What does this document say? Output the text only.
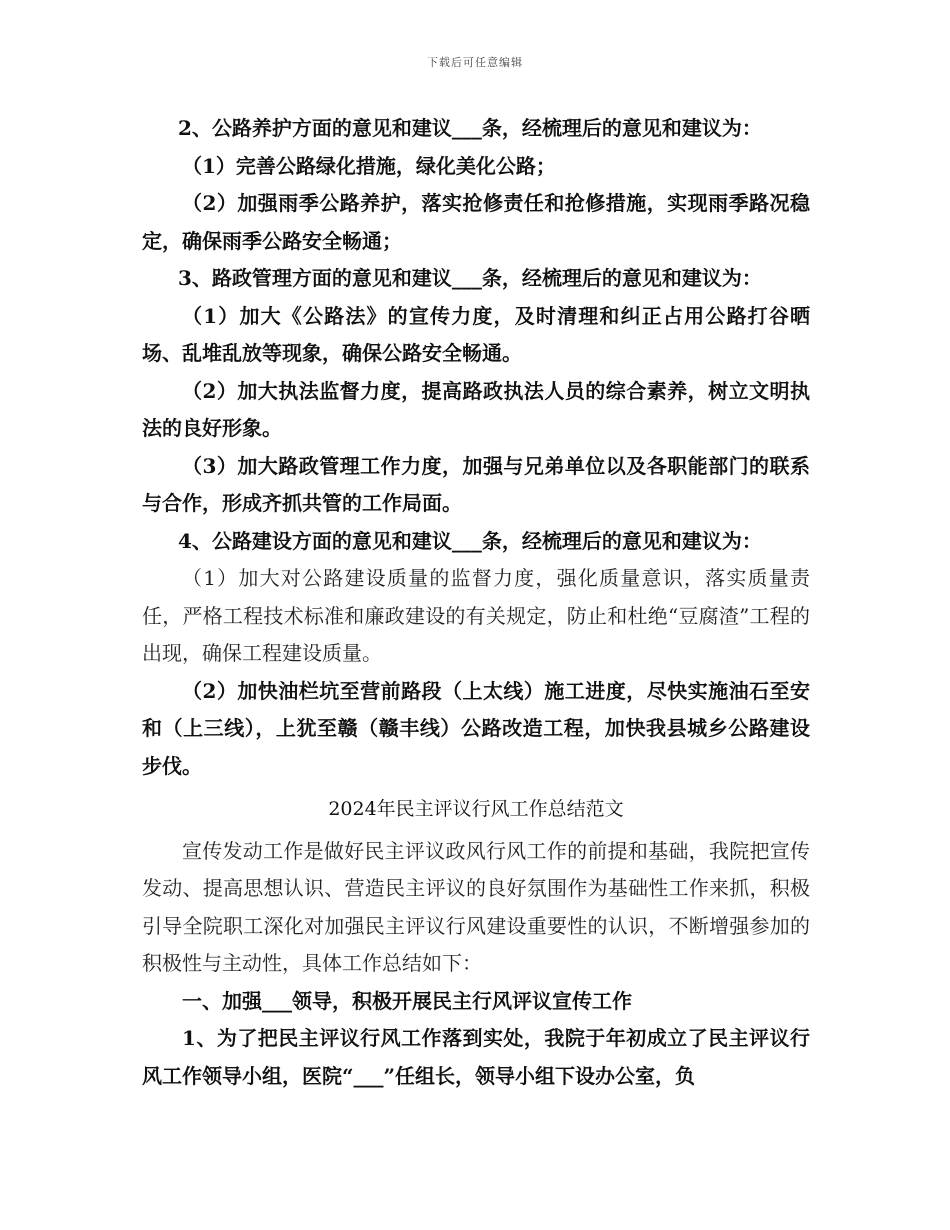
下载后可任意编辑

2、公路养护方面的意见和建议___条，经梳理后的意见和建议为：

（1）完善公路绿化措施，绿化美化公路；

（2）加强雨季公路养护，落实抢修责任和抢修措施，实现雨季路况稳定，确保雨季公路安全畅通；

3、路政管理方面的意见和建议___条，经梳理后的意见和建议为：

（1）加大《公路法》的宣传力度，及时清理和纠正占用公路打谷晒场、乱堆乱放等现象，确保公路安全畅通。

（2）加大执法监督力度，提高路政执法人员的综合素养，树立文明执法的良好形象。

（3）加大路政管理工作力度，加强与兄弟单位以及各职能部门的联系与合作，形成齐抓共管的工作局面。

4、公路建设方面的意见和建议___条，经梳理后的意见和建议为：

（1）加大对公路建设质量的监督力度，强化质量意识，落实质量责任，严格工程技术标准和廉政建设的有关规定，防止和杜绝“豆腐渣”工程的出现，确保工程建设质量。

（2）加快油栏坑至营前路段（上太线）施工进度，尽快实施油石至安和（上三线），上犹至赣（赣丰线）公路改造工程，加快我县城乡公路建设步伐。

2024年民主评议行风工作总结范文

宣传发动工作是做好民主评议政风行风工作的前提和基础，我院把宣传发动、提高思想认识、营造民主评议的良好氛围作为基础性工作来抓，积极引导全院职工深化对加强民主评议行风建设重要性的认识，不断增强参加的积极性与主动性，具体工作总结如下：

一、加强___领导，积极开展民主行风评议宣传工作

1、为了把民主评议行风工作落到实处，我院于年初成立了民主评议行风工作领导小组，医院“___”任组长，领导小组下设办公室，负
